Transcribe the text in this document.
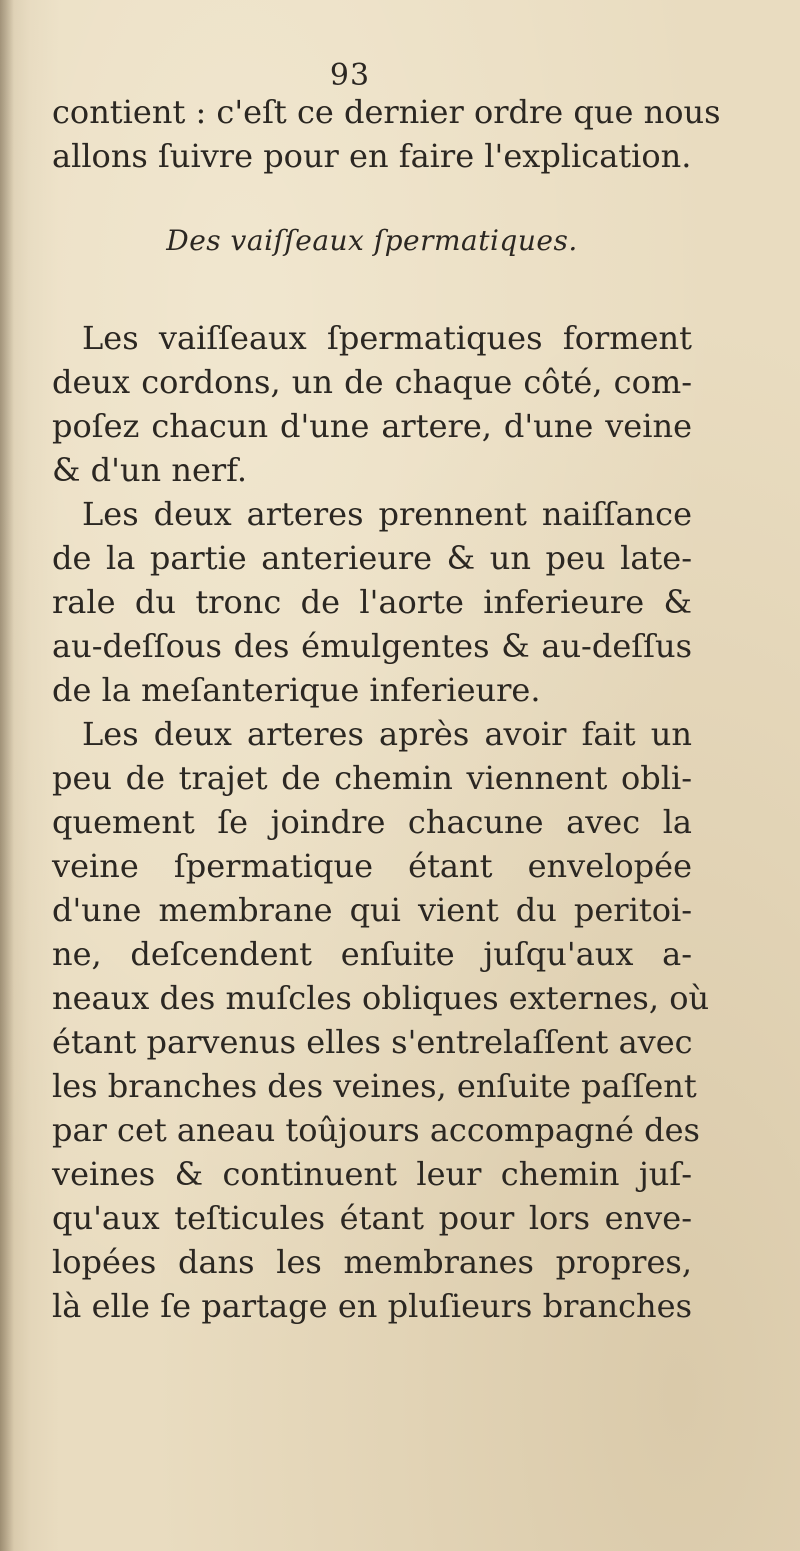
93
contient : c'eſt ce dernier ordre que nous
allons ſuivre pour en faire l'explication.
Des vaiſſeaux ſpermatiques.
Les vaiſſeaux ſpermatiques forment
deux cordons, un de chaque côté, com-
poſez chacun d'une artere, d'une veine
& d'un nerf.
Les deux arteres prennent naiſſance
de la partie anterieure & un peu late-
rale du tronc de l'aorte inferieure &
au-deſſous des émulgentes & au-deſſus
de la meſanterique inferieure.
Les deux arteres après avoir fait un
peu de trajet de chemin viennent obli-
quement ſe joindre chacune avec la
veine ſpermatique étant envelopée
d'une membrane qui vient du peritoi-
ne, deſcendent enſuite juſqu'aux a-
neaux des muſcles obliques externes, où
étant parvenus elles s'entrelaſſent avec
les branches des veines, enſuite paſſent
par cet aneau toûjours accompagné des
veines & continuent leur chemin juſ-
qu'aux teſticules étant pour lors enve-
lopées dans les membranes propres,
là elle ſe partage en pluſieurs branches
